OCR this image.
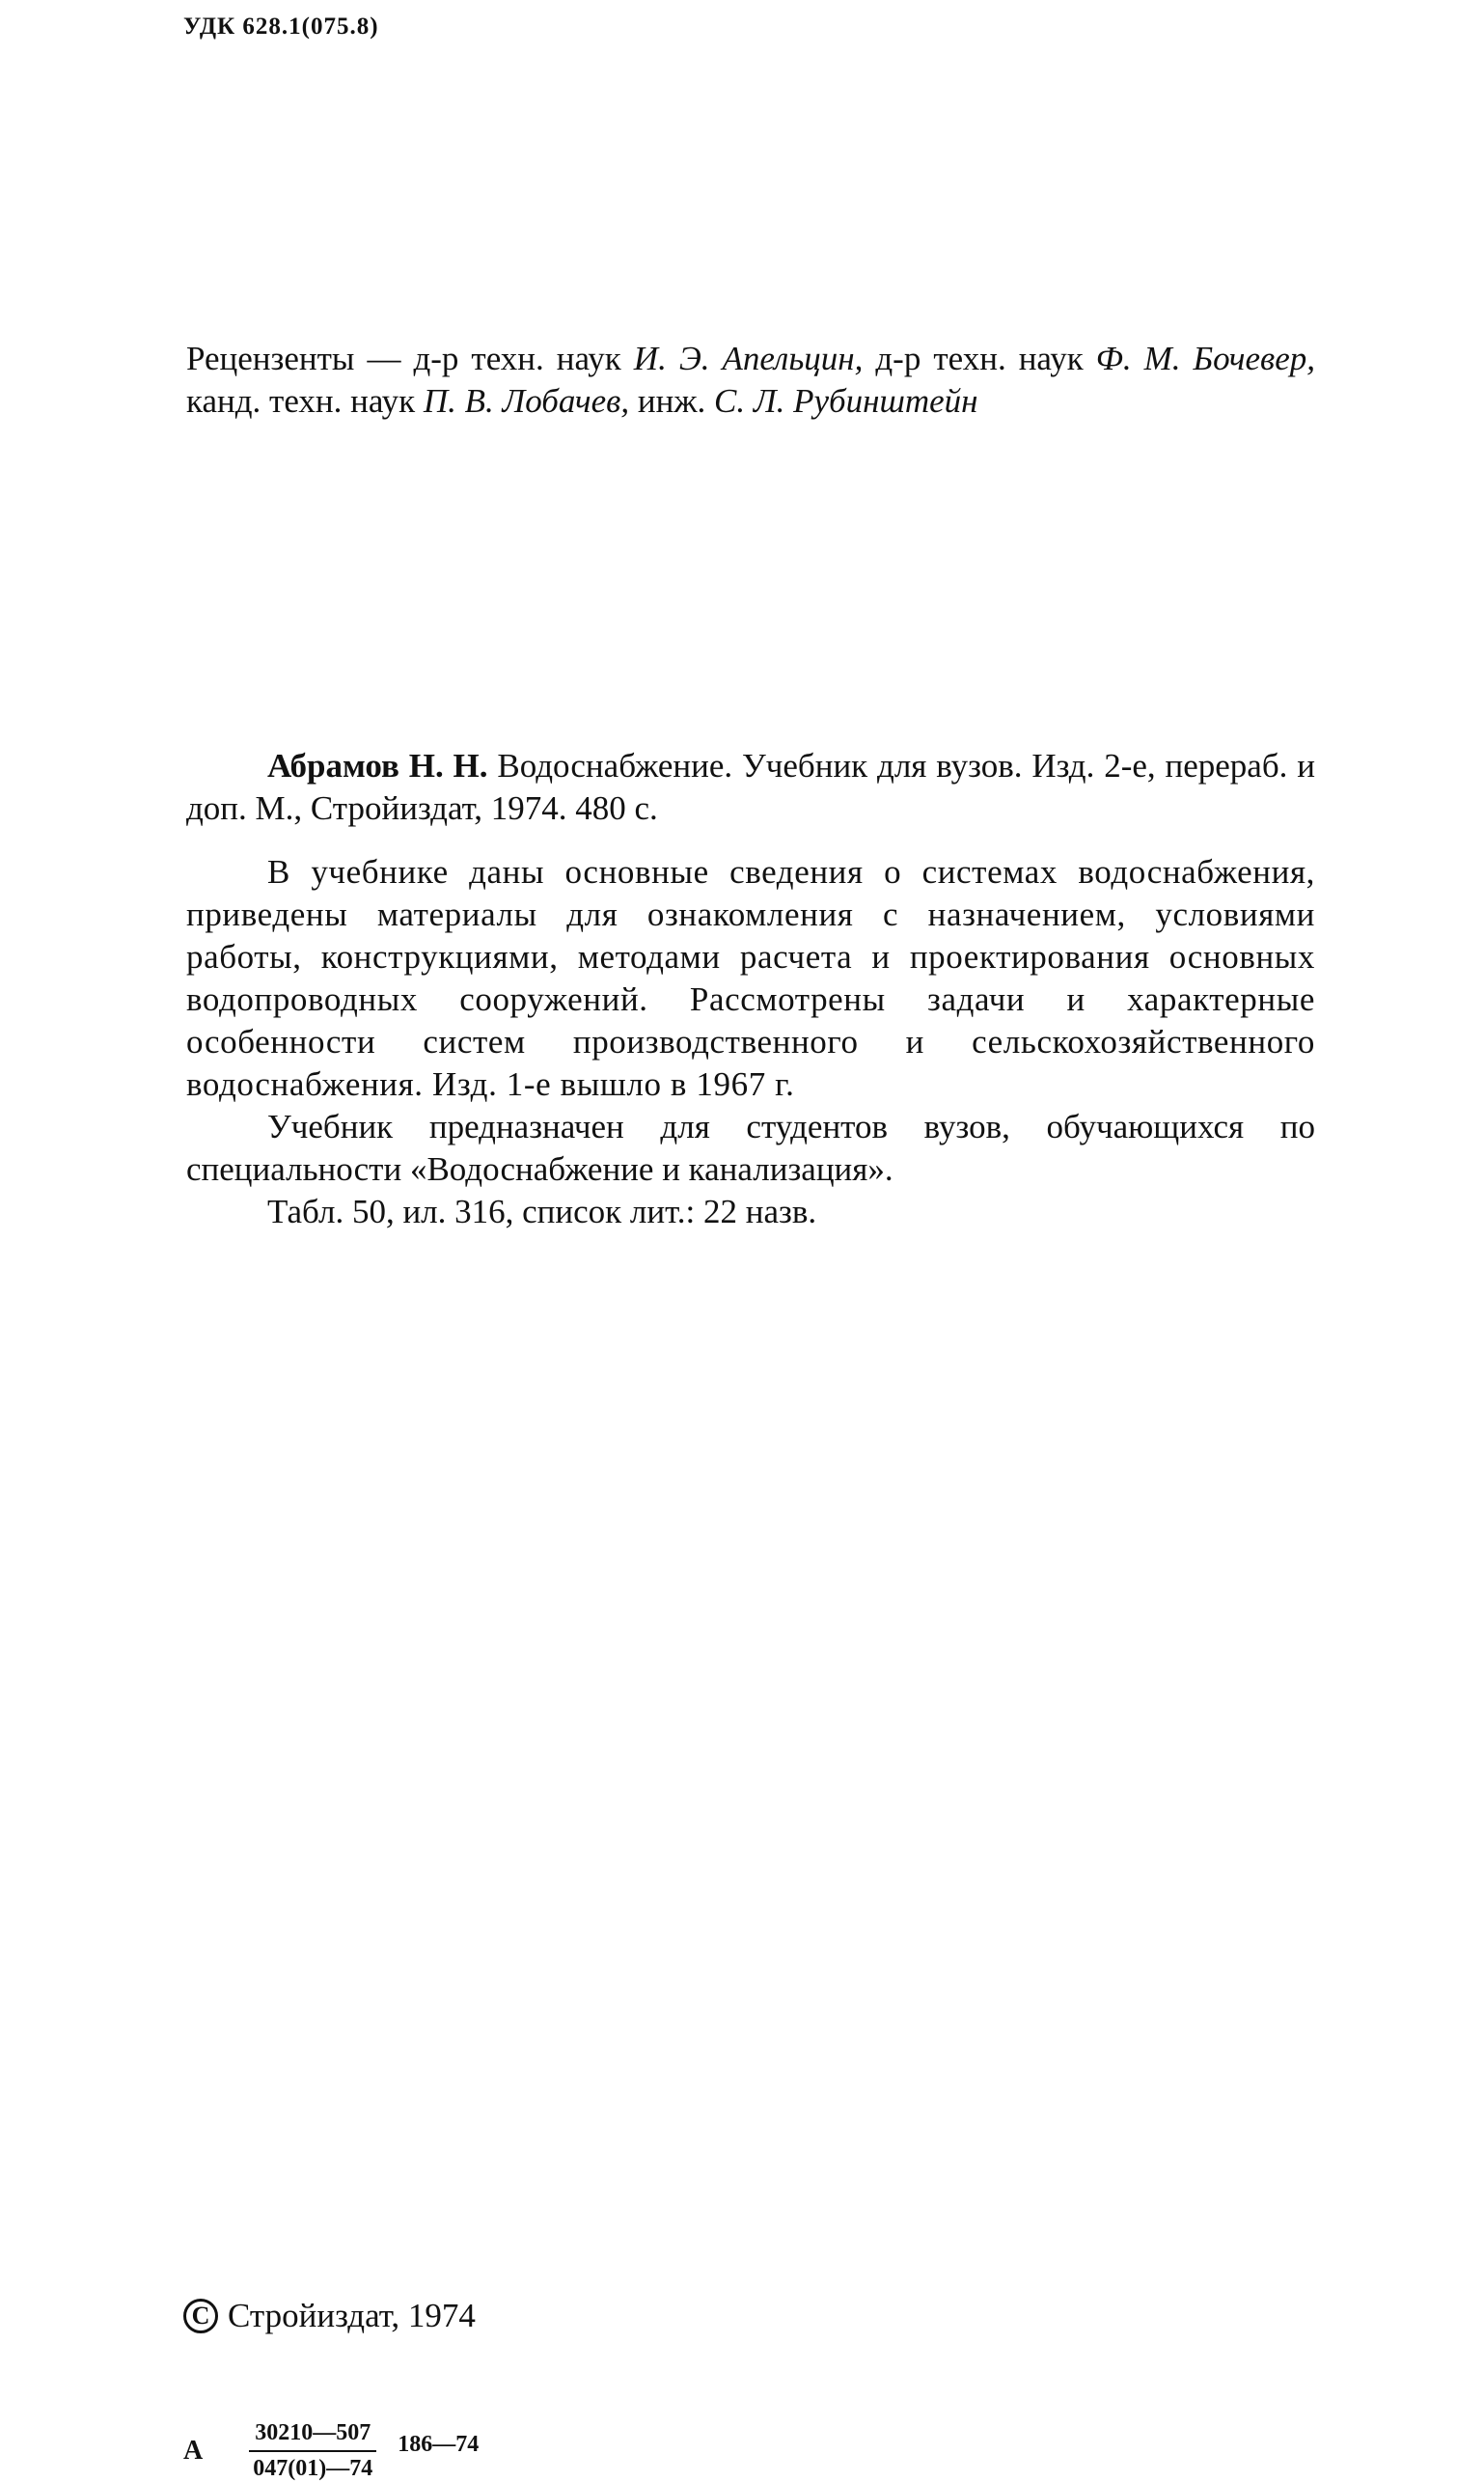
УДК 628.1(075.8)
Рецензенты — д-р техн. наук И. Э. Апельцин, д-р техн. наук Ф. М. Бочевер, канд. техн. наук П. В. Лобачев, инж. С. Л. Рубинштейн

Абрамов Н. Н. Водоснабжение. Учебник для вузов. Изд. 2-е, перераб. и доп. М., Стройиздат, 1974. 480 с.

В учебнике даны основные сведения о системах водоснабжения, приведены материалы для ознакомления с назначением, условиями работы, конструкциями, методами расчета и проектирования основных водопроводных сооружений. Рассмотрены задачи и характерные особенности систем производственного и сельскохозяйственного водоснабжения. Изд. 1-е вышло в 1967 г.

Учебник предназначен для студентов вузов, обучающихся по специальности «Водоснабжение и канализация».

Табл. 50, ил. 316, список лит.: 22 назв.

C Стройиздат, 1974
А $\frac{30210—507}{047(01)—74}$ 186—74
